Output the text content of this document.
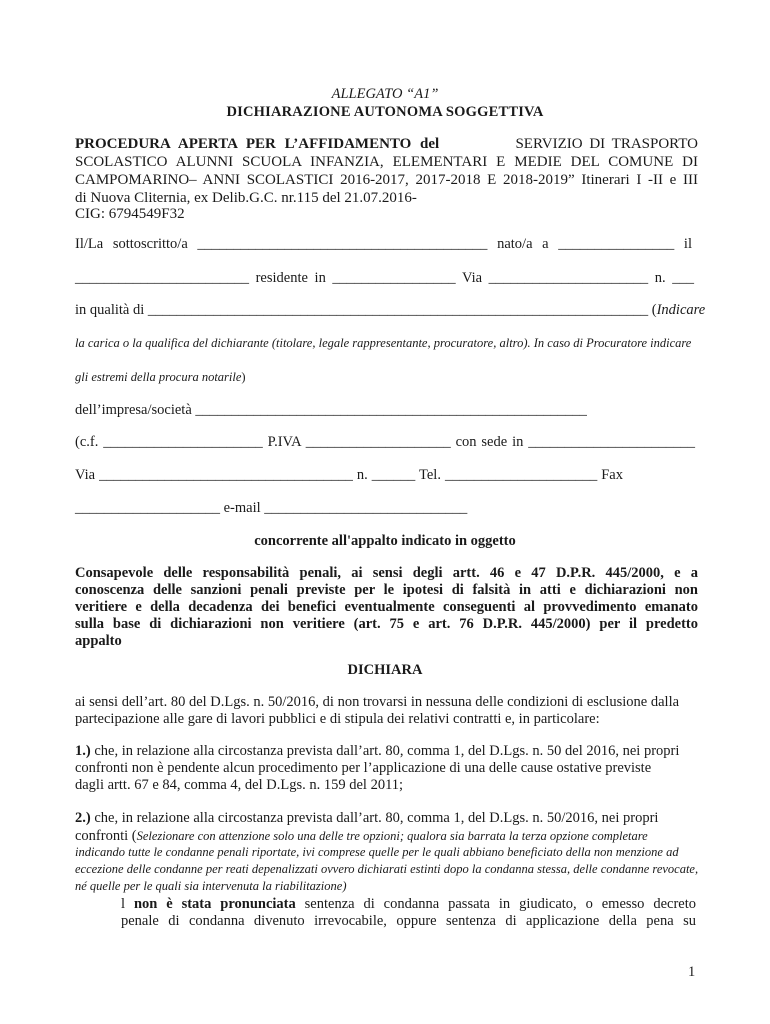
ALLEGATO “A1”
DICHIARAZIONE AUTONOMA SOGGETTIVA
PROCEDURA APERTA PER L’AFFIDAMENTO del	SERVIZIO DI TRASPORTO
SCOLASTICO ALUNNI SCUOLA INFANZIA, ELEMENTARI E MEDIE DEL COMUNE DI
CAMPOMARINO– ANNI SCOLASTICI 2016-2017, 2017-2018 E 2018-2019” Itinerari I -II e III
di Nuova Cliternia, ex Delib.G.C. nr.115 del 21.07.2016-
CIG: 6794549F32
Il/La sottoscritto/a ________________________________________ nato/a a ________________ il
________________________ residente in _________________ Via ______________________ n. ___
in qualità di _____________________________________________________________________ (Indicare
la carica o la qualifica del dichiarante (titolare, legale rappresentante, procuratore, altro). In caso di Procuratore indicare
gli estremi della procura notarile)
dell’impresa/società ______________________________________________________
(c.f. ______________________ P.IVA ____________________ con sede in _______________________
Via ___________________________________ n. ______ Tel. _____________________ Fax
____________________ e-mail ____________________________
concorrente all'appalto indicato in oggetto
Consapevole delle responsabilità penali, ai sensi degli artt. 46 e 47 D.P.R. 445/2000, e a
conoscenza delle sanzioni penali previste per le ipotesi di falsità in atti e dichiarazioni non
veritiere e della decadenza dei benefici eventualmente conseguenti al provvedimento emanato
sulla base di dichiarazioni non veritiere (art. 75 e art. 76 D.P.R. 445/2000) per il predetto
appalto
DICHIARA
ai sensi dell’art. 80 del D.Lgs. n. 50/2016, di non trovarsi in nessuna delle condizioni di esclusione dalla
partecipazione alle gare di lavori pubblici e di stipula dei relativi contratti e, in particolare:
1.) che, in relazione alla circostanza prevista dall’art. 80, comma 1, del D.Lgs. n. 50 del 2016, nei propri
confronti non è pendente alcun procedimento per l’applicazione di una delle cause ostative previste
dagli artt. 67 e 84, comma 4, del D.Lgs. n. 159 del 2011;
2.) che, in relazione alla circostanza prevista dall’art. 80, comma 1, del D.Lgs. n. 50/2016, nei propri
confronti (Selezionare con attenzione solo una delle tre opzioni; qualora sia barrata la terza opzione completare
indicando tutte le condanne penali riportate, ivi comprese quelle per le quali abbiano beneficiato della non menzione ad
eccezione delle condanne per reati depenalizzati ovvero dichiarati estinti dopo la condanna stessa, delle condanne revocate,
né quelle per le quali sia intervenuta la riabilitazione)
l non è stata pronunciata sentenza di condanna passata in giudicato, o emesso decreto
penale di condanna divenuto irrevocabile, oppure sentenza di applicazione della pena su
1
